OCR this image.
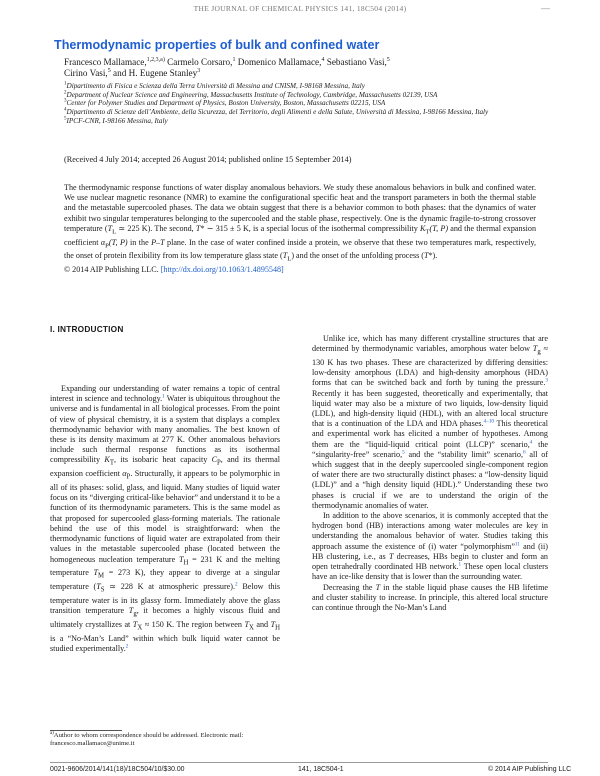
THE JOURNAL OF CHEMICAL PHYSICS 141, 18C504 (2014)	—
Thermodynamic properties of bulk and confined water
Francesco Mallamace,$^{1,2,3,a)}$ Carmelo Corsaro,$^1$ Domenico Mallamace,$^4$ Sebastiano Vasi,$^5$
Cirino Vasi,$^5$ and H. Eugene Stanley$^3$

$^1$Dipartimento di Fisica e Scienza della Terra Università di Messina and CNISM, I-98168 Messina, Italy

$^2$Department of Nuclear Science and Engineering, Massachusetts Institute of Technology, Cambridge, Massachusetts 02139, USA

$^3$Center for Polymer Studies and Department of Physics, Boston University, Boston, Massachusetts 02215, USA

$^4$Dipartimento di Scienze dell’Ambiente, della Sicurezza, del Territorio, degli Alimenti e della Salute, Università di Messina, I-98166 Messina, Italy

$^5$IPCF-CNR, I-98166 Messina, Italy

(Received 4 July 2014; accepted 26 August 2014; published online 15 September 2014)
The thermodynamic response functions of water display anomalous behaviors. We study these anomalous behaviors in bulk and confined water. We use nuclear magnetic resonance (NMR) to examine the configurational specific heat and the transport parameters in both the thermal stable and the metastable supercooled phases. The data we obtain suggest that there is a behavior common to both phases: that the dynamics of water exhibit two singular temperatures belonging to the supercooled and the stable phase, respectively. One is the dynamic fragile-to-strong crossover temperature ($T_L$ ≃ 225 K). The second, T* ∼ 315 ± 5 K, is a special locus of the isothermal compressibility $K_T(T$, P) and the thermal expansion coefficient $\alpha_P(T$, P) in the P–T plane. In the case of water confined inside a protein, we observe that these two temperatures mark, respectively, the onset of protein flexibility from its low temperature glass state $(T_L)$ and the onset of the unfolding process (T*).
© 2014 AIP Publishing LLC. [http://dx.doi.org/10.1063/1.4895548]
I. INTRODUCTION

Expanding our understanding of water remains a topic of central interest in science and technology.$^1$ Water is ubiquitous throughout the universe and is fundamental in all biological processes. From the point of view of physical chemistry, it is a system that displays a complex thermodynamic behavior with many anomalies. The best known of these is its density maximum at 277 K. Other anomalous behaviors include such thermal response functions as its isothermal compressibility $K_T$, its isobaric heat capacity $C_P$, and its thermal expansion coefficient $\alpha_P$. Structurally, it appears to be polymorphic in all of its phases: solid, glass, and liquid. Many studies of liquid water focus on its “diverging critical-like behavior” and understand it to be a function of its thermodynamic parameters. This is the same model as that proposed for supercooled glass-forming materials. The rationale behind the use of this model is straightforward: when the thermodynamic functions of liquid water are extrapolated from their values in the metastable supercooled phase (located between the homogeneous nucleation temperature $T_H = 231$ K and the melting temperature $T_M = 273$ K), they appear to diverge at a singular temperature ($T_S$ ≃ 228 K at atmospheric pressure).$^2$ Below this temperature water is in its glassy form. Immediately above the glass transition temperature $T_g$, it becomes a highly viscous fluid and ultimately crystallizes at $T_X \approx 150$ K. The region between $T_X$ and $T_H$ is a “No-Man’s Land” within which bulk liquid water cannot be studied experimentally.$^2$

Unlike ice, which has many different crystalline structures that are determined by thermodynamic variables, amorphous water below $T_g \approx 130$ K has two phases. These are characterized by differing densities: low-density amorphous (LDA) and high-density amorphous (HDA) forms that can be switched back and forth by tuning the pressure.$^3$ Recently it has been suggested, theoretically and experimentally, that liquid water may also be a mixture of two liquids, low-density liquid (LDL), and high-density liquid (HDL), with an altered local structure that is a continuation of the LDA and HDA phases.$^{4-10}$ This theoretical and experimental work has elicited a number of hypotheses. Among them are the “liquid-liquid critical point (LLCP)” scenario,$^4$ the “singularity-free” scenario,$^5$ and the “stability limit” scenario,$^6$ all of which suggest that in the deeply supercooled single-component region of water there are two structurally distinct phases: a “low-density liquid (LDL)” and a “high density liquid (HDL).” Understanding these two phases is crucial if we are to understand the origin of the thermodynamic anomalies of water.

In addition to the above scenarios, it is commonly accepted that the hydrogen bond (HB) interactions among water molecules are key in understanding the anomalous behavior of water. Studies taking this approach assume the existence of (i) water “polymorphism”$^{11}$ and (ii) HB clustering, i.e., as T decreases, HBs begin to cluster and form an open tetrahedrally coordinated HB network.$^1$ These open local clusters have an ice-like density that is lower than the surrounding water.

Decreasing the T in the stable liquid phase causes the HB lifetime and cluster stability to increase. In principle, this altered local structure can continue through the No-Man’s Land

$^{a)}$Author to whom correspondence should be addressed. Electronic mail: francesco.mallamace@unime.it
0021-9606/2014/141(18)/18C504/10/$30.00	141, 18C504-1	© 2014 AIP Publishing LLC
